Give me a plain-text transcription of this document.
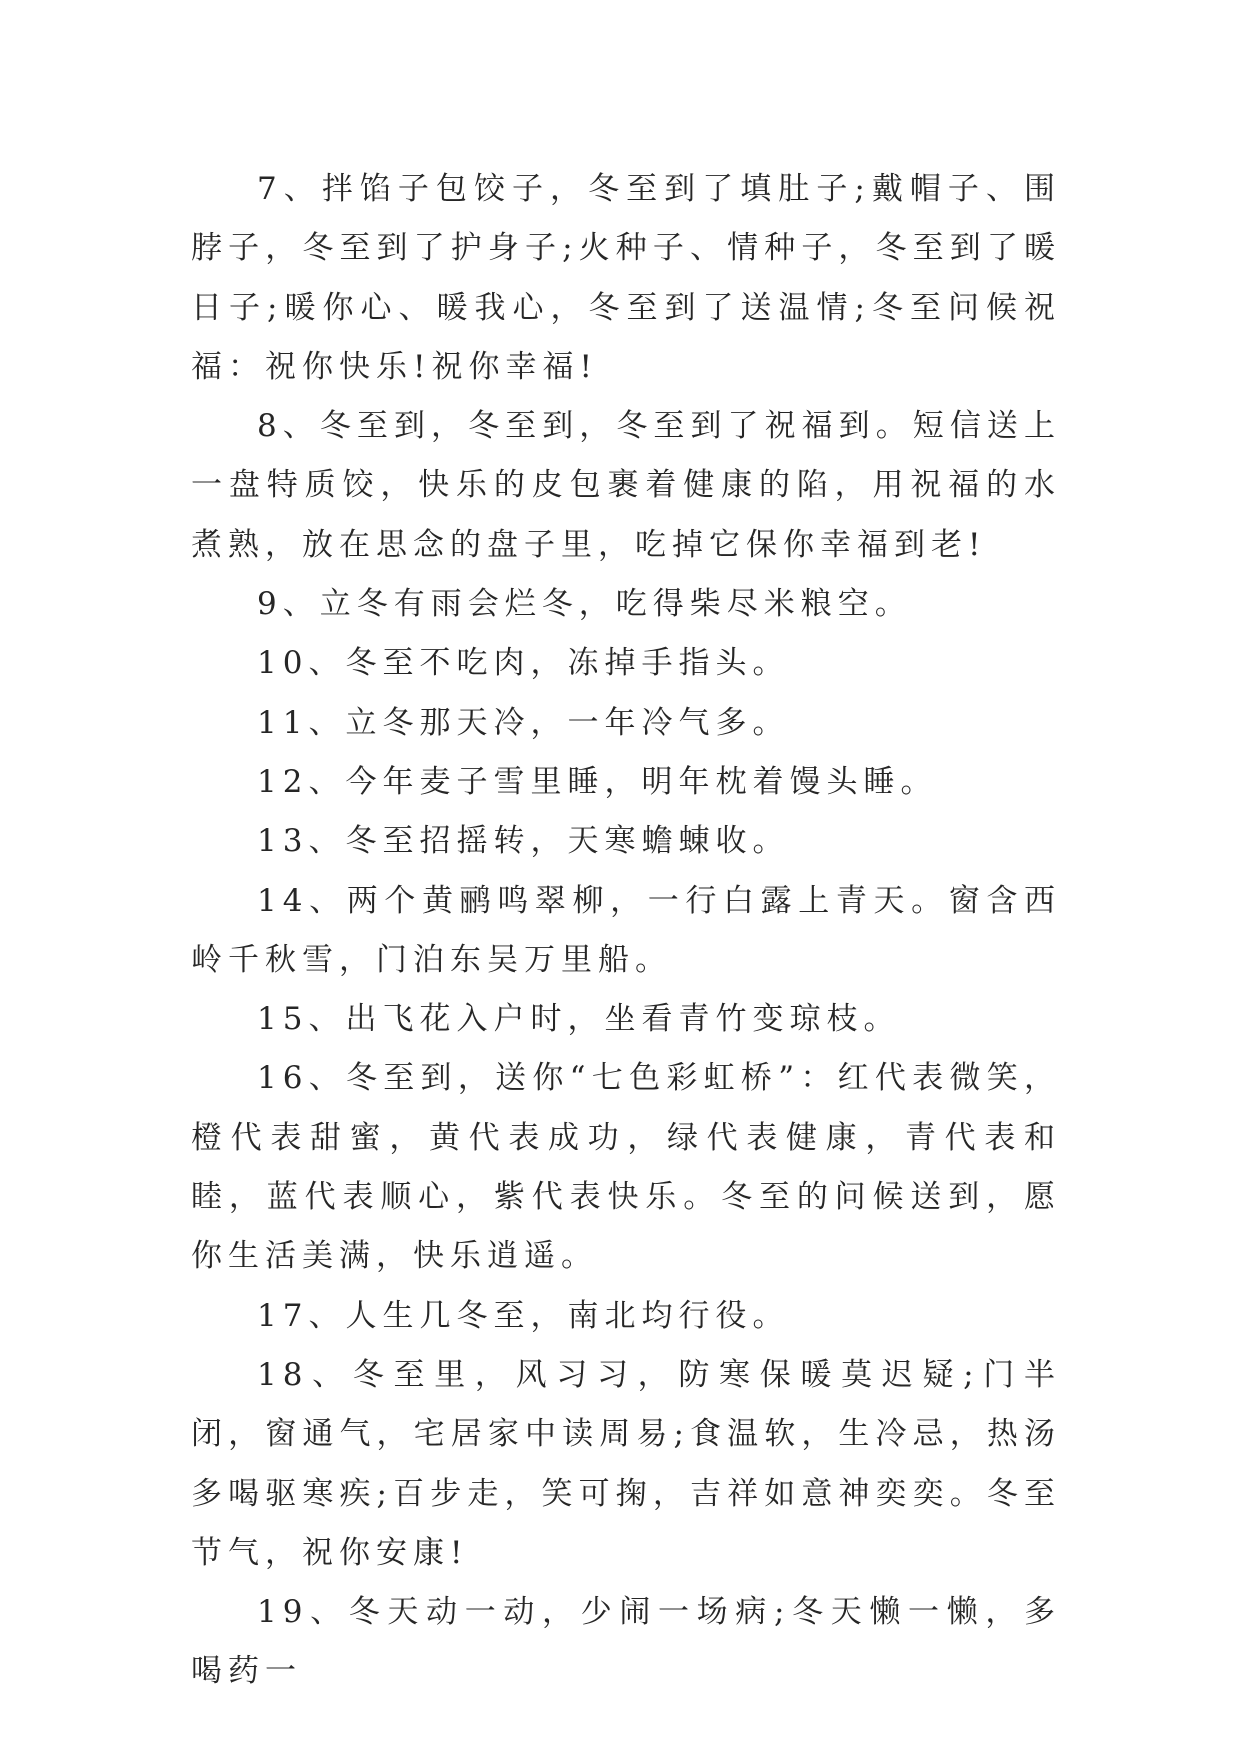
7、拌馅子包饺子，冬至到了填肚子;戴帽子、围脖子，冬至到了护身子;火种子、情种子，冬至到了暖日子;暖你心、暖我心，冬至到了送温情;冬至问候祝福：祝你快乐!祝你幸福!

8、冬至到，冬至到，冬至到了祝福到。短信送上一盘特质饺，快乐的皮包裹着健康的陷，用祝福的水煮熟，放在思念的盘子里，吃掉它保你幸福到老!

9、立冬有雨会烂冬，吃得柴尽米粮空。

10、冬至不吃肉，冻掉手指头。

11、立冬那天冷，一年冷气多。

12、今年麦子雪里睡，明年枕着馒头睡。

13、冬至招摇转，天寒蟾蝀收。

14、两个黄鹂鸣翠柳，一行白露上青天。窗含西岭千秋雪，门泊东吴万里船。

15、出飞花入户时，坐看青竹变琼枝。

16、冬至到，送你“七色彩虹桥”：红代表微笑，橙代表甜蜜，黄代表成功，绿代表健康，青代表和睦，蓝代表顺心，紫代表快乐。冬至的问候送到，愿你生活美满，快乐逍遥。

17、人生几冬至，南北均行役。

18、冬至里，风习习，防寒保暖莫迟疑;门半闭，窗通气，宅居家中读周易;食温软，生冷忌，热汤多喝驱寒疾;百步走，笑可掬，吉祥如意神奕奕。冬至节气，祝你安康!

19、冬天动一动，少闹一场病;冬天懒一懒，多喝药一
